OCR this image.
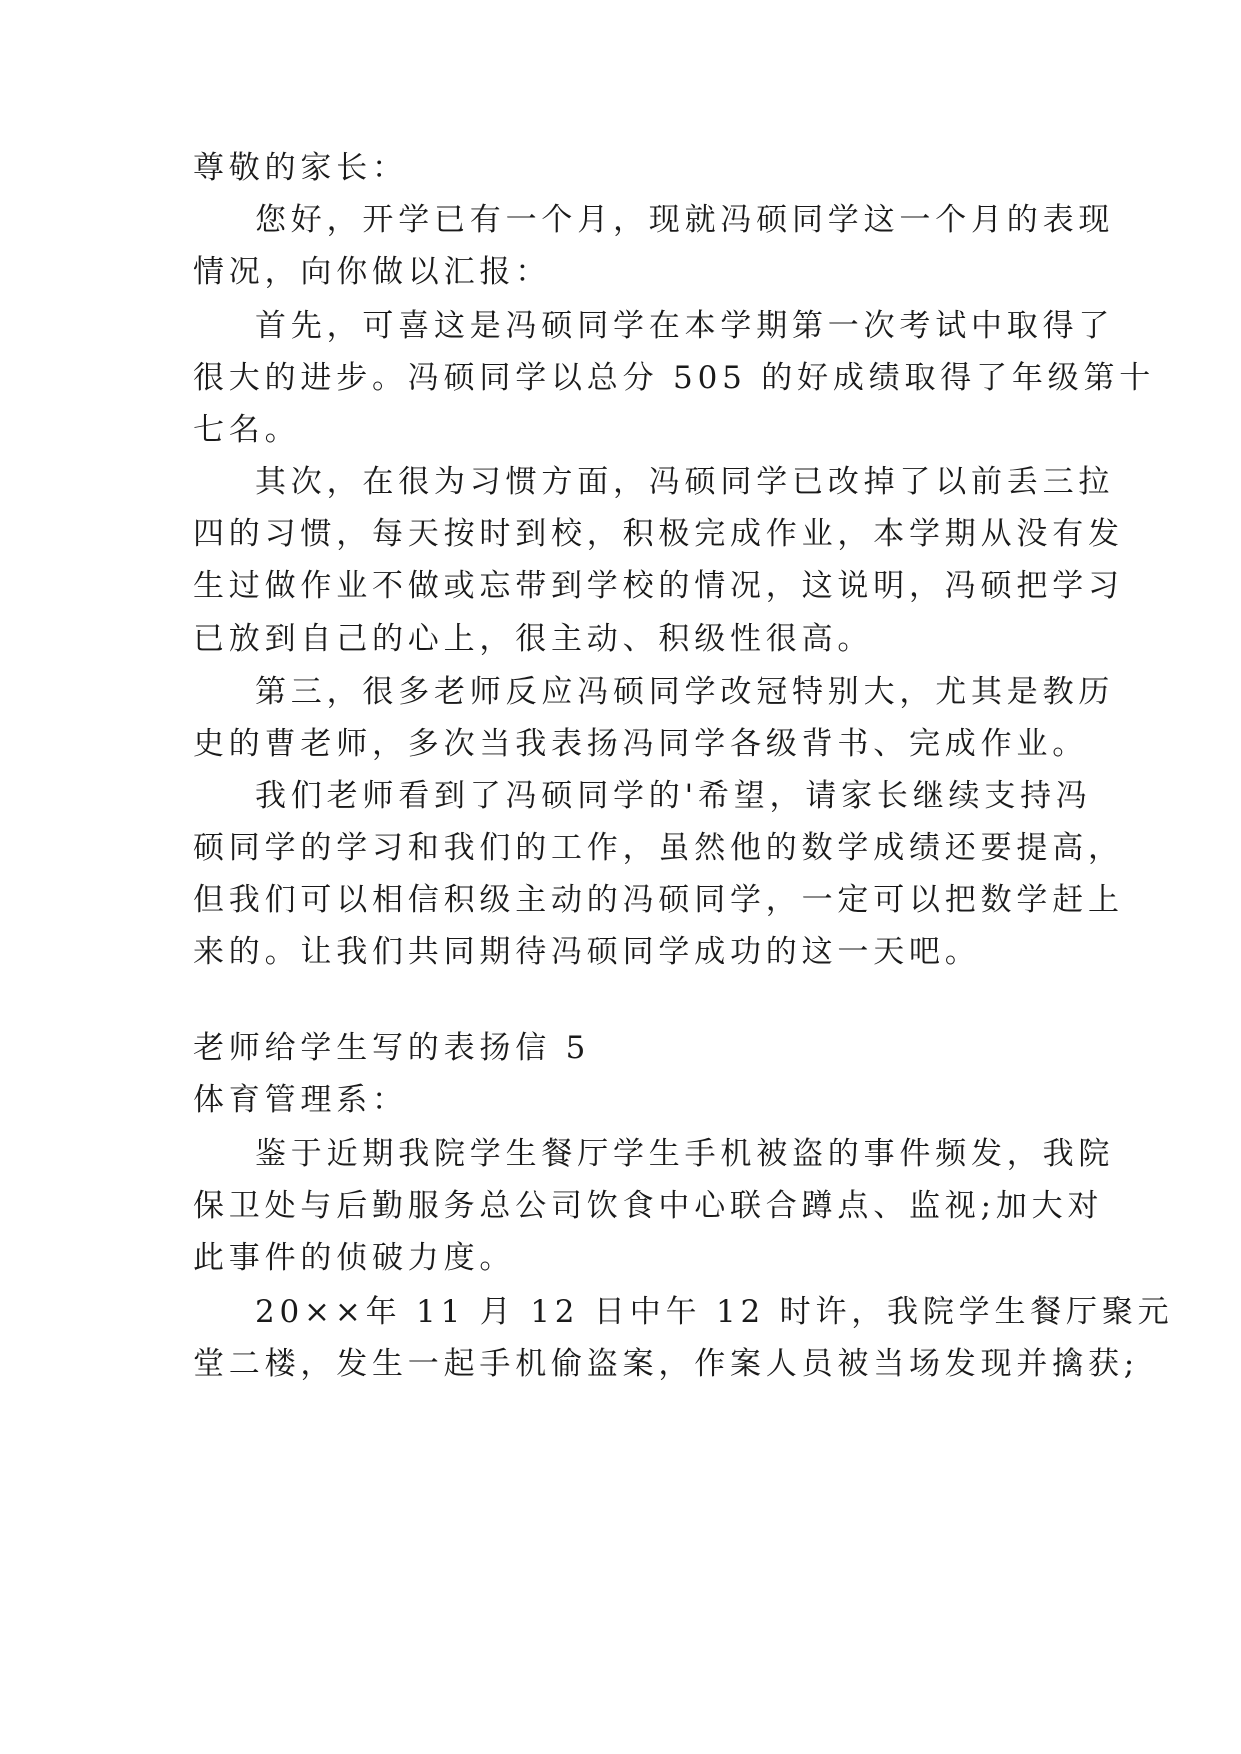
尊敬的家长：
您好，开学已有一个月，现就冯硕同学这一个月的表现
情况，向你做以汇报：
首先，可喜这是冯硕同学在本学期第一次考试中取得了
很大的进步。冯硕同学以总分 505 的好成绩取得了年级第十
七名。
其次，在很为习惯方面，冯硕同学已改掉了以前丢三拉
四的习惯，每天按时到校，积极完成作业，本学期从没有发
生过做作业不做或忘带到学校的情况，这说明，冯硕把学习
已放到自己的心上，很主动、积级性很高。
第三，很多老师反应冯硕同学改冠特别大，尤其是教历
史的曹老师，多次当我表扬冯同学各级背书、完成作业。
我们老师看到了冯硕同学的'希望，请家长继续支持冯
硕同学的学习和我们的工作，虽然他的数学成绩还要提高，
但我们可以相信积级主动的冯硕同学，一定可以把数学赶上
来的。让我们共同期待冯硕同学成功的这一天吧。
老师给学生写的表扬信 5
体育管理系：
鉴于近期我院学生餐厅学生手机被盗的事件频发，我院
保卫处与后勤服务总公司饮食中心联合蹲点、监视;加大对
此事件的侦破力度。
20××年 11 月 12 日中午 12 时许，我院学生餐厅聚元
堂二楼，发生一起手机偷盗案，作案人员被当场发现并擒获;
